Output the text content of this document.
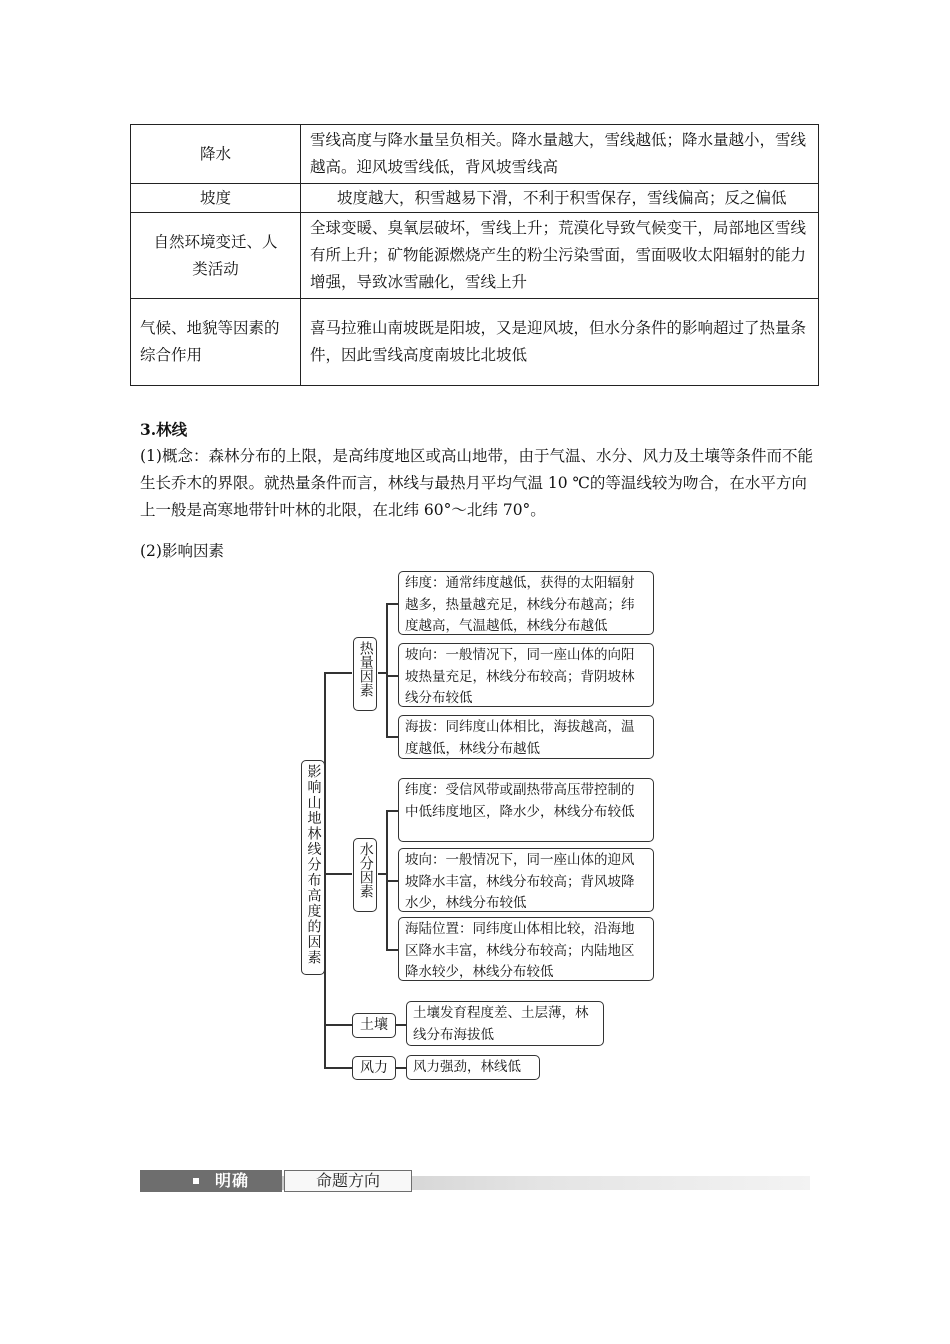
降水	雪线高度与降水量呈负相关。降水量越大，雪线越低；降水量越小，雪线越高。迎风坡雪线低，背风坡雪线高
坡度	坡度越大，积雪越易下滑，不利于积雪保存，雪线偏高；反之偏低
自然环境变迁、人类活动	全球变暖、臭氧层破坏，雪线上升；荒漠化导致气候变干，局部地区雪线有所上升；矿物能源燃烧产生的粉尘污染雪面，雪面吸收太阳辐射的能力增强，导致冰雪融化，雪线上升
气候、地貌等因素的综合作用	喜马拉雅山南坡既是阳坡，又是迎风坡，但水分条件的影响超过了热量条件，因此雪线高度南坡比北坡低

3.林线

(1)概念：森林分布的上限，是高纬度地区或高山地带，由于气温、水分、风力及土壤等条件而不能生长乔木的界限。就热量条件而言，林线与最热月平均气温 10 ℃的等温线较为吻合，在水平方向上一般是高寒地带针叶林的北限，在北纬 60°～北纬 70°。

(2)影响因素

影响山地林线分布高度的因素
热量因素
纬度：通常纬度越低，获得的太阳辐射越多，热量越充足，林线分布越高；纬度越高，气温越低，林线分布越低
坡向：一般情况下，同一座山体的向阳坡热量充足，林线分布较高；背阴坡林线分布较低
海拔：同纬度山体相比，海拔越高，温度越低，林线分布越低
水分因素
纬度：受信风带或副热带高压带控制的中低纬度地区，降水少，林线分布较低
坡向：一般情况下，同一座山体的迎风坡降水丰富，林线分布较高；背风坡降水少，林线分布较低
海陆位置：同纬度山体相比较，沿海地区降水丰富，林线分布较高；内陆地区降水较少，林线分布较低
土壤
土壤发育程度差、土层薄，林线分布海拔低
风力	风力强劲，林线低
明确	命题方向
